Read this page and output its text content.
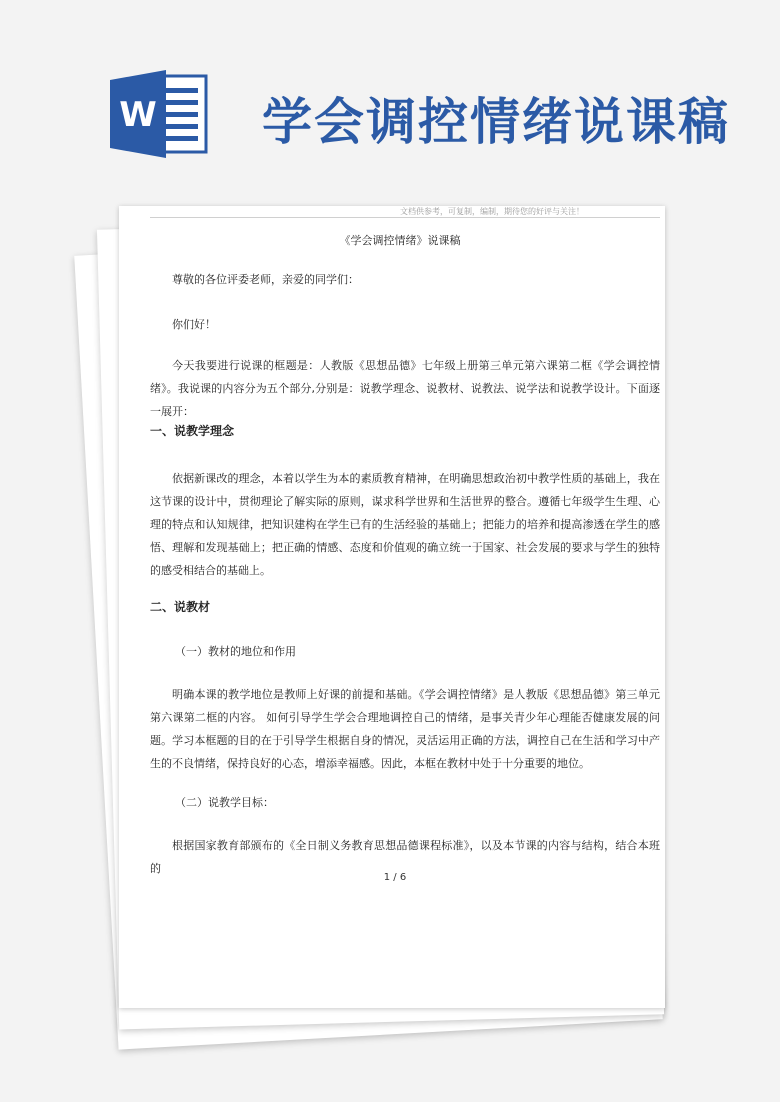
W 学会调控情绪说课稿
文档供参考，可复制，编制，期待您的好评与关注！
《学会调控情绪》说课稿
尊敬的各位评委老师，亲爱的同学们：
你们好！
今天我要进行说课的框题是：人教版《思想品德》七年级上册第三单元第六课第二框《学会调控情绪》。我说课的内容分为五个部分,分别是：说教学理念、说教材、说教法、说学法和说教学设计。下面逐一展开：
一、说教学理念
依据新课改的理念，本着以学生为本的素质教育精神，在明确思想政治初中教学性质的基础上，我在这节课的设计中，贯彻理论了解实际的原则，谋求科学世界和生活世界的整合。遵循七年级学生生理、心理的特点和认知规律，把知识建构在学生已有的生活经验的基础上；把能力的培养和提高渗透在学生的感悟、理解和发现基础上；把正确的情感、态度和价值观的确立统一于国家、社会发展的要求与学生的独特的感受相结合的基础上。
二、说教材
（一）教材的地位和作用
明确本课的教学地位是教师上好课的前提和基础。《学会调控情绪》是人教版《思想品德》第三单元第六课第二框的内容。 如何引导学生学会合理地调控自己的情绪，是事关青少年心理能否健康发展的问题。学习本框题的目的在于引导学生根据自身的情况，灵活运用正确的方法，调控自己在生活和学习中产生的不良情绪，保持良好的心态，增添幸福感。因此，本框在教材中处于十分重要的地位。
（二）说教学目标：
根据国家教育部颁布的《全日制义务教育思想品德课程标准》，以及本节课的内容与结构，结合本班的
1 / 6
